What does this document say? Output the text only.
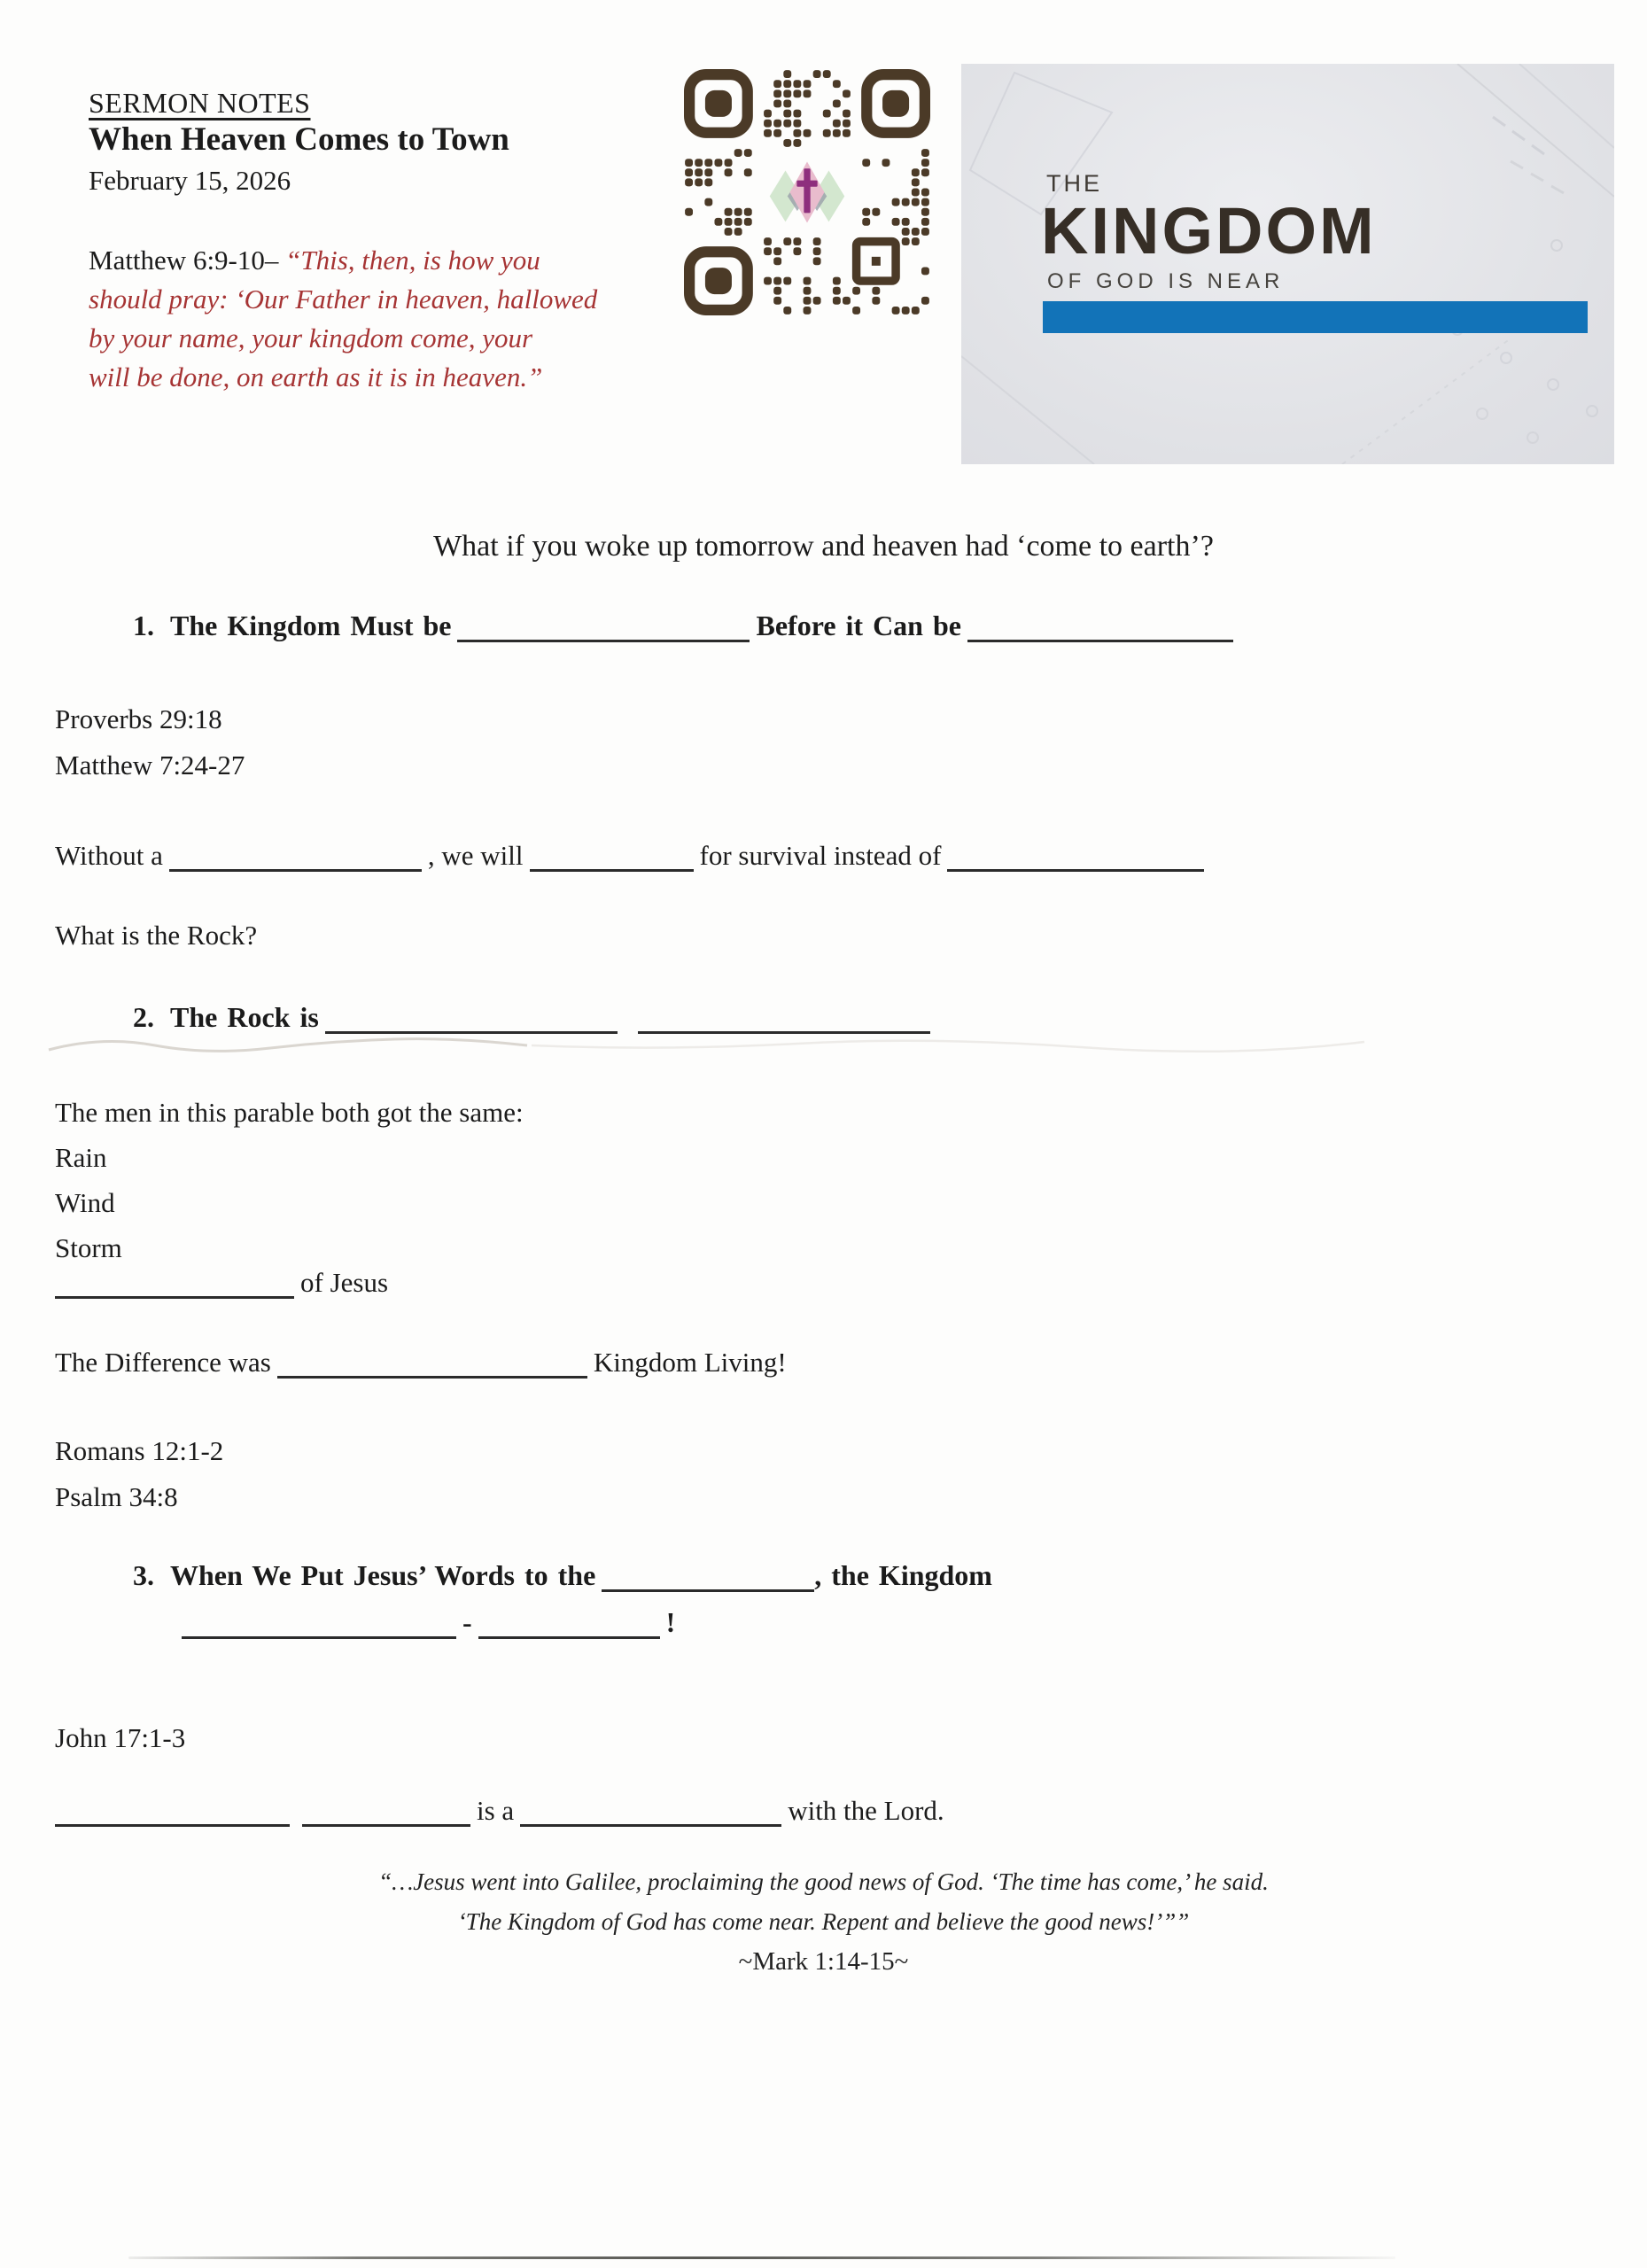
SERMON NOTES
When Heaven Comes to Town
February 15, 2026
Matthew 6:9-10– “This, then, is how you
should pray: ‘Our Father in heaven, hallowed
by your name, your kingdom come, your
will be done, on earth as it is in heaven.”
THE
KINGDOM
OF GOD IS NEAR
What if you woke up tomorrow and heaven had ‘come to earth’?
1. The Kingdom Must be	Before it Can be
Proverbs 29:18
Matthew 7:24-27
Without a	, we will	for survival instead of
What is the Rock?
2. The Rock is
The men in this parable both got the same:
Rain
Wind
Storm
of Jesus
The Difference was	Kingdom Living!
Romans 12:1-2
Psalm 34:8
3. When We Put Jesus’ Words to the	, the Kingdom
-	!
John 17:1-3
is a	with the Lord.
“…Jesus went into Galilee, proclaiming the good news of God. ‘The time has come,’ he said.
‘The Kingdom of God has come near. Repent and believe the good news!’””
~Mark 1:14-15~
